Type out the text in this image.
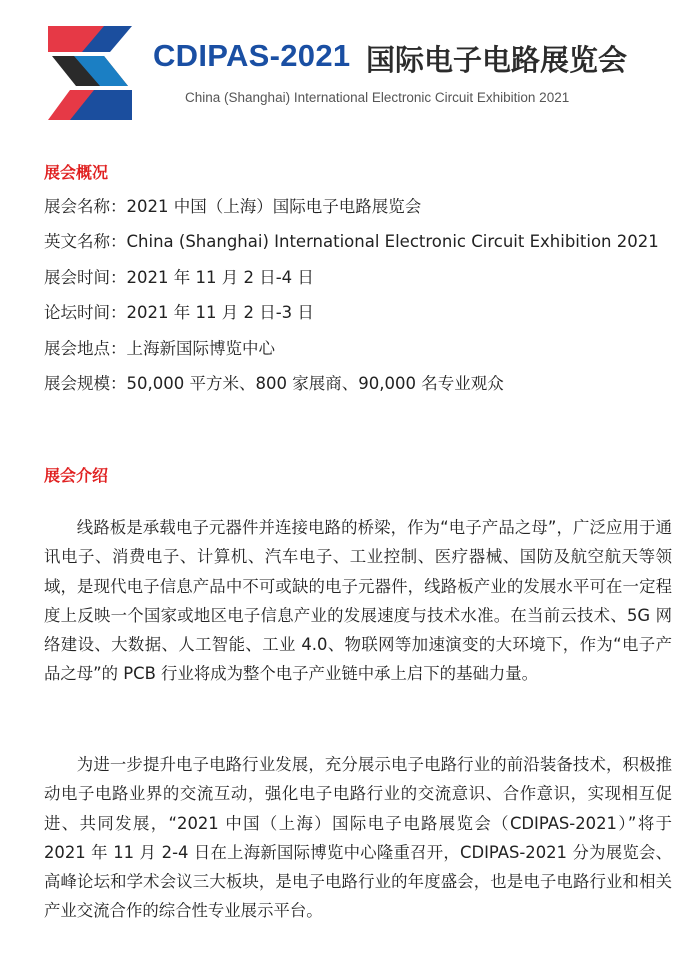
CDIPAS-2021 国际电子电路展览会
China (Shanghai) International Electronic Circuit Exhibition 2021
展会概况
展会名称：2021 中国（上海）国际电子电路展览会
英文名称：China (Shanghai) International Electronic Circuit Exhibition 2021
展会时间：2021 年 11 月 2 日-4 日
论坛时间：2021 年 11 月 2 日-3 日
展会地点：上海新国际博览中心
展会规模：50,000 平方米、800 家展商、90,000 名专业观众
展会介绍

线路板是承载电子元器件并连接电路的桥梁，作为“电子产品之母”，广泛应用于通讯电子、消费电子、计算机、汽车电子、工业控制、医疗器械、国防及航空航天等领域，是现代电子信息产品中不可或缺的电子元器件，线路板产业的发展水平可在一定程度上反映一个国家或地区电子信息产业的发展速度与技术水准。在当前云技术、5G 网络建设、大数据、人工智能、工业 4.0、物联网等加速演变的大环境下，作为“电子产品之母”的 PCB 行业将成为整个电子产业链中承上启下的基础力量。

为进一步提升电子电路行业发展，充分展示电子电路行业的前沿装备技术，积极推动电子电路业界的交流互动，强化电子电路行业的交流意识、合作意识，实现相互促进、共同发展，“2021 中国（上海）国际电子电路展览会（CDIPAS-2021）”将于 2021 年 11 月 2-4 日在上海新国际博览中心隆重召开，CDIPAS-2021 分为展览会、高峰论坛和学术会议三大板块，是电子电路行业的年度盛会，也是电子电路行业和相关产业交流合作的综合性专业展示平台。
